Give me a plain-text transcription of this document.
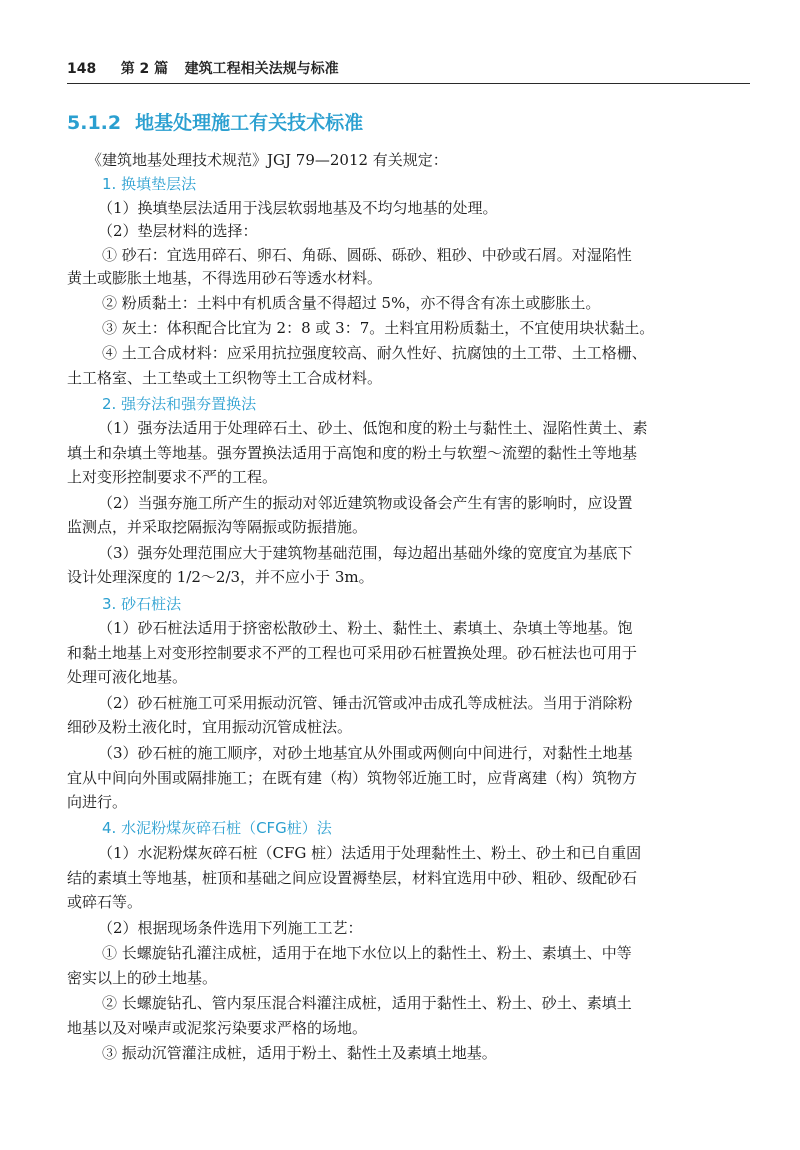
148 第 2 篇 建筑工程相关法规与标准
5.1.2 地基处理施工有关技术标准
《建筑地基处理技术规范》JGJ 79—2012 有关规定：
1. 换填垫层法
（1）换填垫层法适用于浅层软弱地基及不均匀地基的处理。
（2）垫层材料的选择：
① 砂石：宜选用碎石、卵石、角砾、圆砾、砾砂、粗砂、中砂或石屑。对湿陷性
黄土或膨胀土地基，不得选用砂石等透水材料。
② 粉质黏土：土料中有机质含量不得超过 5%，亦不得含有冻土或膨胀土。
③ 灰土：体积配合比宜为 2：8 或 3：7。土料宜用粉质黏土，不宜使用块状黏土。
④ 土工合成材料：应采用抗拉强度较高、耐久性好、抗腐蚀的土工带、土工格栅、
土工格室、土工垫或土工织物等土工合成材料。
2. 强夯法和强夯置换法
（1）强夯法适用于处理碎石土、砂土、低饱和度的粉土与黏性土、湿陷性黄土、素
填土和杂填土等地基。强夯置换法适用于高饱和度的粉土与软塑～流塑的黏性土等地基
上对变形控制要求不严的工程。
（2）当强夯施工所产生的振动对邻近建筑物或设备会产生有害的影响时，应设置
监测点，并采取挖隔振沟等隔振或防振措施。
（3）强夯处理范围应大于建筑物基础范围，每边超出基础外缘的宽度宜为基底下
设计处理深度的 1/2～2/3，并不应小于 3m。
3. 砂石桩法
（1）砂石桩法适用于挤密松散砂土、粉土、黏性土、素填土、杂填土等地基。饱
和黏土地基上对变形控制要求不严的工程也可采用砂石桩置换处理。砂石桩法也可用于
处理可液化地基。
（2）砂石桩施工可采用振动沉管、锤击沉管或冲击成孔等成桩法。当用于消除粉
细砂及粉土液化时，宜用振动沉管成桩法。
（3）砂石桩的施工顺序，对砂土地基宜从外围或两侧向中间进行，对黏性土地基
宜从中间向外围或隔排施工；在既有建（构）筑物邻近施工时，应背离建（构）筑物方
向进行。
4. 水泥粉煤灰碎石桩（CFG桩）法
（1）水泥粉煤灰碎石桩（CFG 桩）法适用于处理黏性土、粉土、砂土和已自重固
结的素填土等地基，桩顶和基础之间应设置褥垫层，材料宜选用中砂、粗砂、级配砂石
或碎石等。
（2）根据现场条件选用下列施工工艺：
① 长螺旋钻孔灌注成桩，适用于在地下水位以上的黏性土、粉土、素填土、中等
密实以上的砂土地基。
② 长螺旋钻孔、管内泵压混合料灌注成桩，适用于黏性土、粉土、砂土、素填土
地基以及对噪声或泥浆污染要求严格的场地。
③ 振动沉管灌注成桩，适用于粉土、黏性土及素填土地基。
